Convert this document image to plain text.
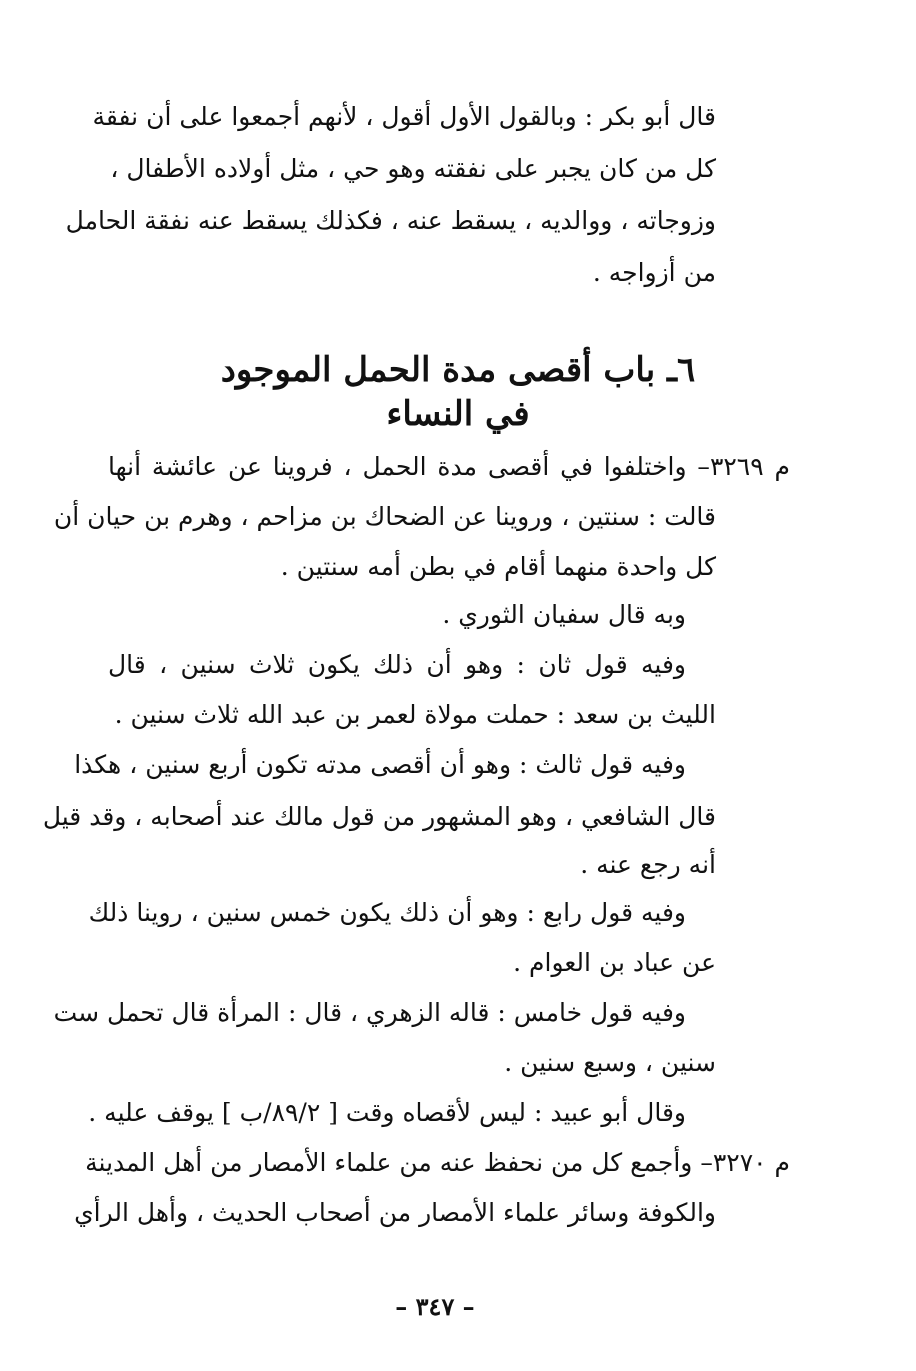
قال أبو بكر : وبالقول الأول أقول ، لأنهم أجمعوا على أن نفقة
كل من كان يجبر على نفقته وهو حي ، مثل أولاده الأطفال ،
وزوجاته ، ووالديه ، يسقط عنه ، فكذلك يسقط عنه نفقة الحامل
من أزواجه .
٦ـ باب أقصى مدة الحمل الموجود في النساء
م ٣٢٦٩– واختلفوا في أقصى مدة الحمل ، فروينا عن عائشة أنها
قالت : سنتين ، وروينا عن الضحاك بن مزاحم ، وهرم بن حيان أن
كل واحدة منهما أقام في بطن أمه سنتين .
وبه قال سفيان الثوري .
وفيه قول ثان : وهو أن ذلك يكون ثلاث سنين ، قال
الليث بن سعد : حملت مولاة لعمر بن عبد الله ثلاث سنين .
وفيه قول ثالث : وهو أن أقصى مدته تكون أربع سنين ، هكذا
قال الشافعي ، وهو المشهور من قول مالك عند أصحابه ، وقد قيل
أنه رجع عنه .
وفيه قول رابع : وهو أن ذلك يكون خمس سنين ، روينا ذلك
عن عباد بن العوام .
وفيه قول خامس : قاله الزهري ، قال : المرأة قال تحمل ست
سنين ، وسبع سنين .
وقال أبو عبيد : ليس لأقصاه وقت [ ٨٩/٢/ب ] يوقف عليه .
م ٣٢٧٠– وأجمع كل من نحفظ عنه من علماء الأمصار من أهل المدينة
والكوفة وسائر علماء الأمصار من أصحاب الحديث ، وأهل الرأي
– ٣٤٧ –
